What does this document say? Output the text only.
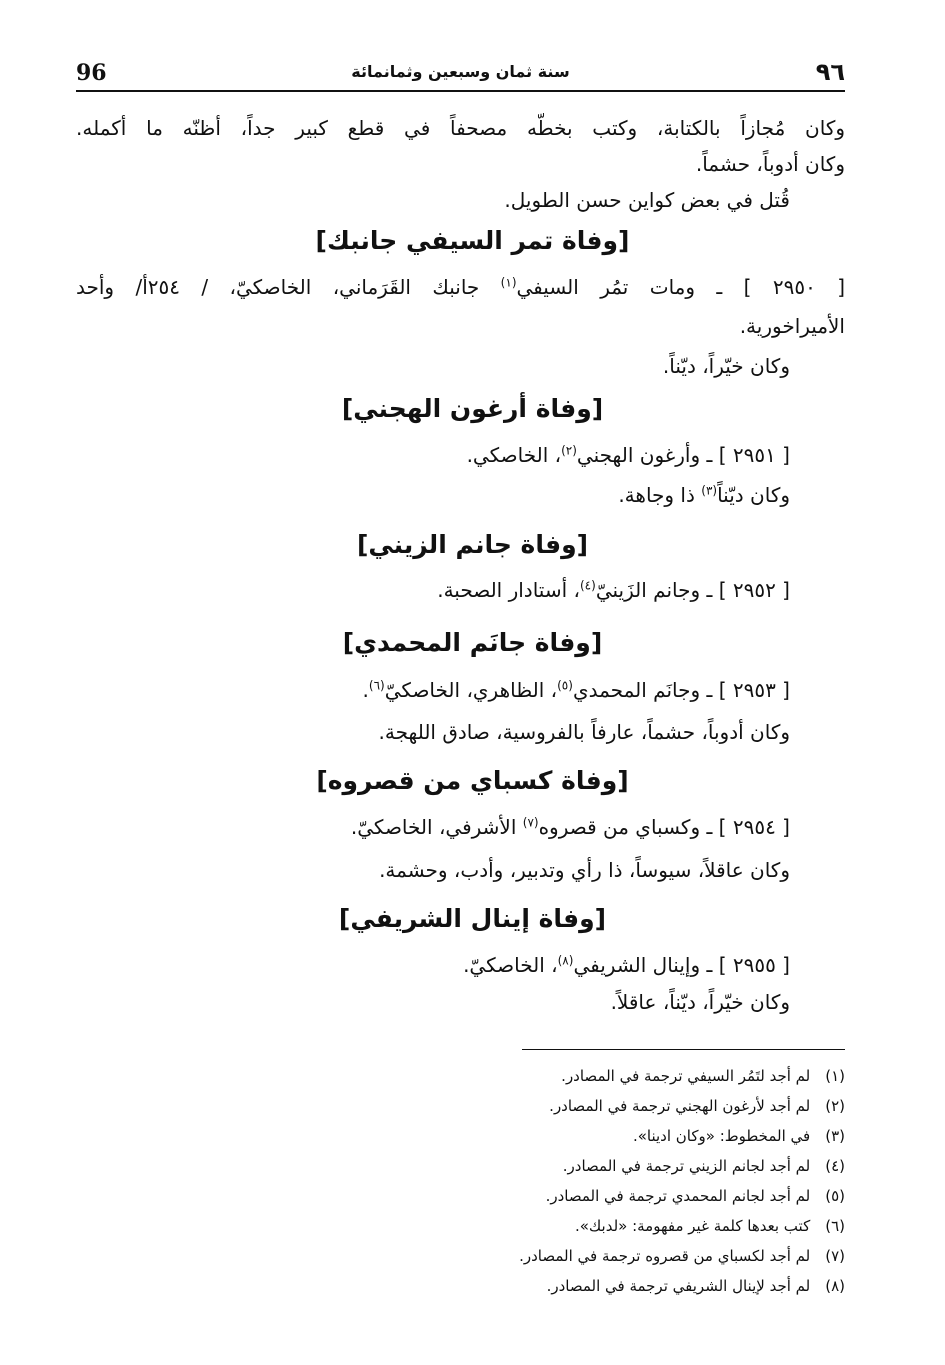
96	سنة ثمان وسبعين وثمانمائة	٩٦
وكان مُجازاً بالكتابة، وكتب بخطّه مصحفاً في قطع كبير جداً، أظنّه ما أكمله.
وكان أدوباً، حشماً.
قُتل في بعض كواين حسن الطويل.
[وفاة تمر السيفي جانبك]
[ ٢٩٥٠ ] ـ ومات تمُر السيفي$^{(١)}$ جانبك القَرَماني، الخاصكيّ، / ٢٥٤أ/ وأحد
الأميراخورية.
وكان خيّراً، ديّناً.
[وفاة أرغون الهجني]
[ ٢٩٥١ ] ـ وأرغون الهجني$^{(٢)}$، الخاصكي.
وكان ديّناً$^{(٣)}$ ذا وجاهة.
[وفاة جانم الزيني]
[ ٢٩٥٢ ] ـ وجانم الزَينيّ$^{(٤)}$، أستادار الصحبة.
[وفاة جانَم المحمدي]
[ ٢٩٥٣ ] ـ وجانَم المحمدي$^{(٥)}$، الظاهري، الخاصكيّ$^{(٦)}$.
وكان أدوباً، حشماً، عارفاً بالفروسية، صادق اللهجة.
[وفاة كسباي من قصروه]
[ ٢٩٥٤ ] ـ وكسباي من قصروه$^{(٧)}$ الأشرفي، الخاصكيّ.
وكان عاقلاً، سيوساً، ذا رأي وتدبير، وأدب، وحشمة.
[وفاة إينال الشريفي]
[ ٢٩٥٥ ] ـ وإينال الشريفي$^{(٨)}$، الخاصكيّ.
وكان خيّراً، ديّناً، عاقلاً.
(١) لم أجد لتَمُر السيفي ترجمة في المصادر.
(٢) لم أجد لأرغون الهجني ترجمة في المصادر.
(٣) في المخطوط: «وكان ادينا».
(٤) لم أجد لجانم الزيني ترجمة في المصادر.
(٥) لم أجد لجانم المحمدي ترجمة في المصادر.
(٦) كتب بعدها كلمة غير مفهومة: «لدبك».
(٧) لم أجد لكسباي من قصروه ترجمة في المصادر.
(٨) لم أجد لإينال الشريفي ترجمة في المصادر.
